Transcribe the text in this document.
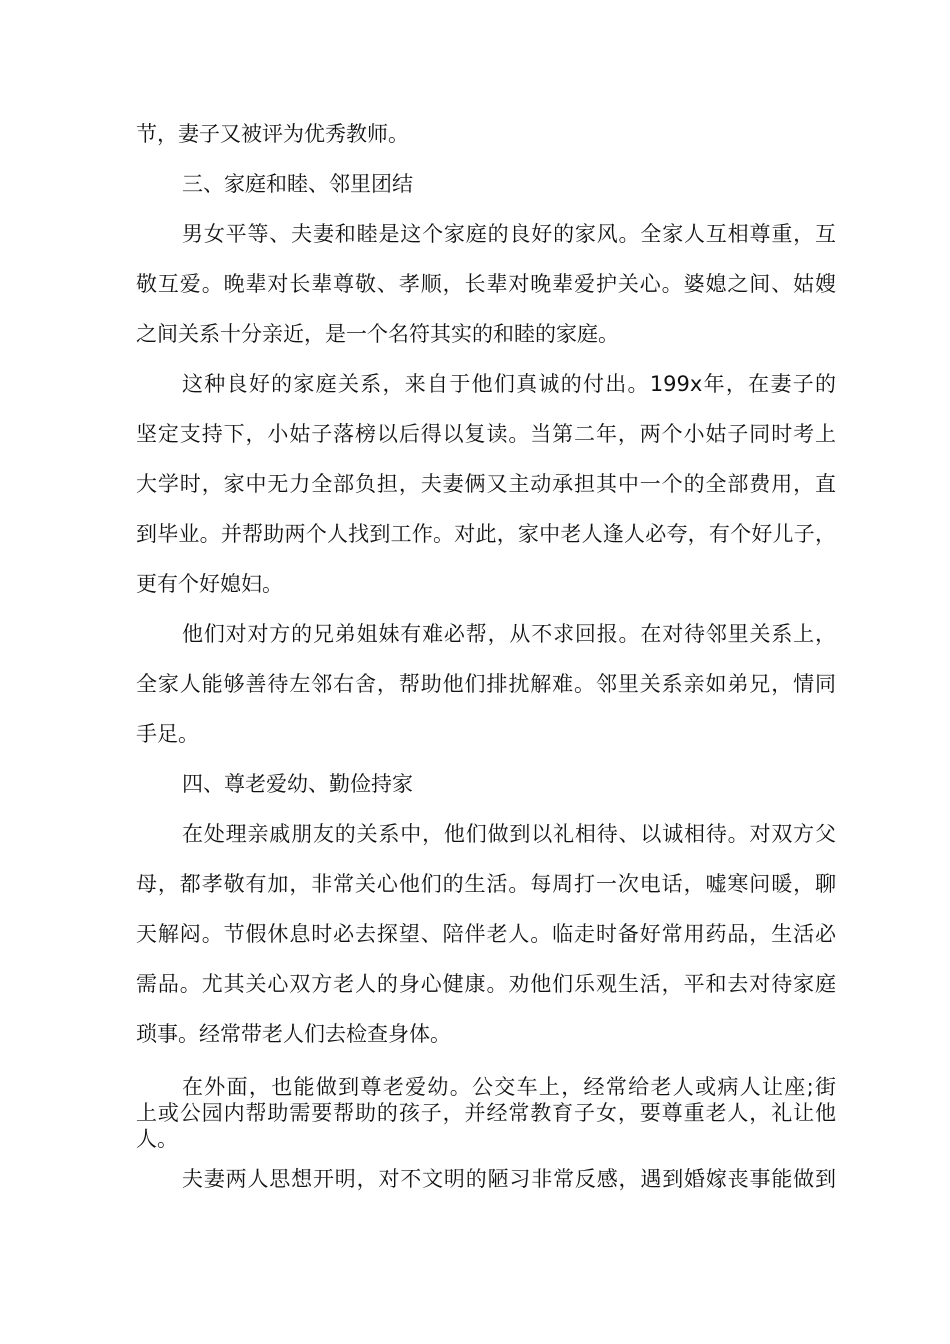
节，妻子又被评为优秀教师。
三、家庭和睦、邻里团结
男女平等、夫妻和睦是这个家庭的良好的家风。全家人互相尊重，互
敬互爱。晚辈对长辈尊敬、孝顺，长辈对晚辈爱护关心。婆媳之间、姑嫂
之间关系十分亲近，是一个名符其实的和睦的家庭。
这种良好的家庭关系，来自于他们真诚的付出。199x年，在妻子的
坚定支持下，小姑子落榜以后得以复读。当第二年，两个小姑子同时考上
大学时，家中无力全部负担，夫妻俩又主动承担其中一个的全部费用，直
到毕业。并帮助两个人找到工作。对此，家中老人逢人必夸，有个好儿子，
更有个好媳妇。
他们对对方的兄弟姐妹有难必帮，从不求回报。在对待邻里关系上，
全家人能够善待左邻右舍，帮助他们排扰解难。邻里关系亲如弟兄，情同
手足。
四、尊老爱幼、勤俭持家
在处理亲戚朋友的关系中，他们做到以礼相待、以诚相待。对双方父
母，都孝敬有加，非常关心他们的生活。每周打一次电话，嘘寒问暖，聊
天解闷。节假休息时必去探望、陪伴老人。临走时备好常用药品，生活必
需品。尤其关心双方老人的身心健康。劝他们乐观生活，平和去对待家庭
琐事。经常带老人们去检查身体。
在外面，也能做到尊老爱幼。公交车上，经常给老人或病人让座;街
上或公园内帮助需要帮助的孩子，并经常教育子女，要尊重老人，礼让他
人。
夫妻两人思想开明，对不文明的陋习非常反感，遇到婚嫁丧事能做到
